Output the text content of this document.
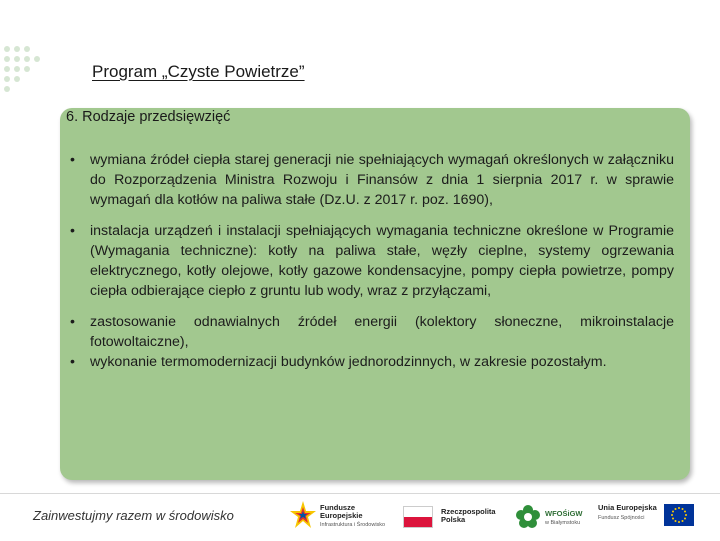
Program „Czyste Powietrze”
6. Rodzaje przedsięwzięć
• wymiana źródeł ciepła starej generacji nie spełniających wymagań określonych w załączniku do Rozporządzenia Ministra Rozwoju i Finansów z dnia 1 sierpnia 2017 r. w sprawie wymagań dla kotłów na paliwa stałe (Dz.U. z 2017 r. poz. 1690),
• instalacja urządzeń i instalacji spełniających wymagania techniczne określone w Programie (Wymagania techniczne): kotły na paliwa stałe, węzły cieplne, systemy ogrzewania elektrycznego, kotły olejowe, kotły gazowe kondensacyjne, pompy ciepła powietrze, pompy ciepła odbierające ciepło z gruntu lub wody, wraz z przyłączami,
• zastosowanie odnawialnych źródeł energii (kolektory słoneczne, mikroinstalacje fotowoltaiczne),
• wykonanie termomodernizacji budynków jednorodzinnych, w zakresie pozostałym.
Zainwestujmy razem w środowisko
Fundusze Europejskie
Infrastruktura i Środowisko
Rzeczpospolita Polska
WFOŚiGW
w Białymstoku
Unia Europejska
Fundusz Spójności
